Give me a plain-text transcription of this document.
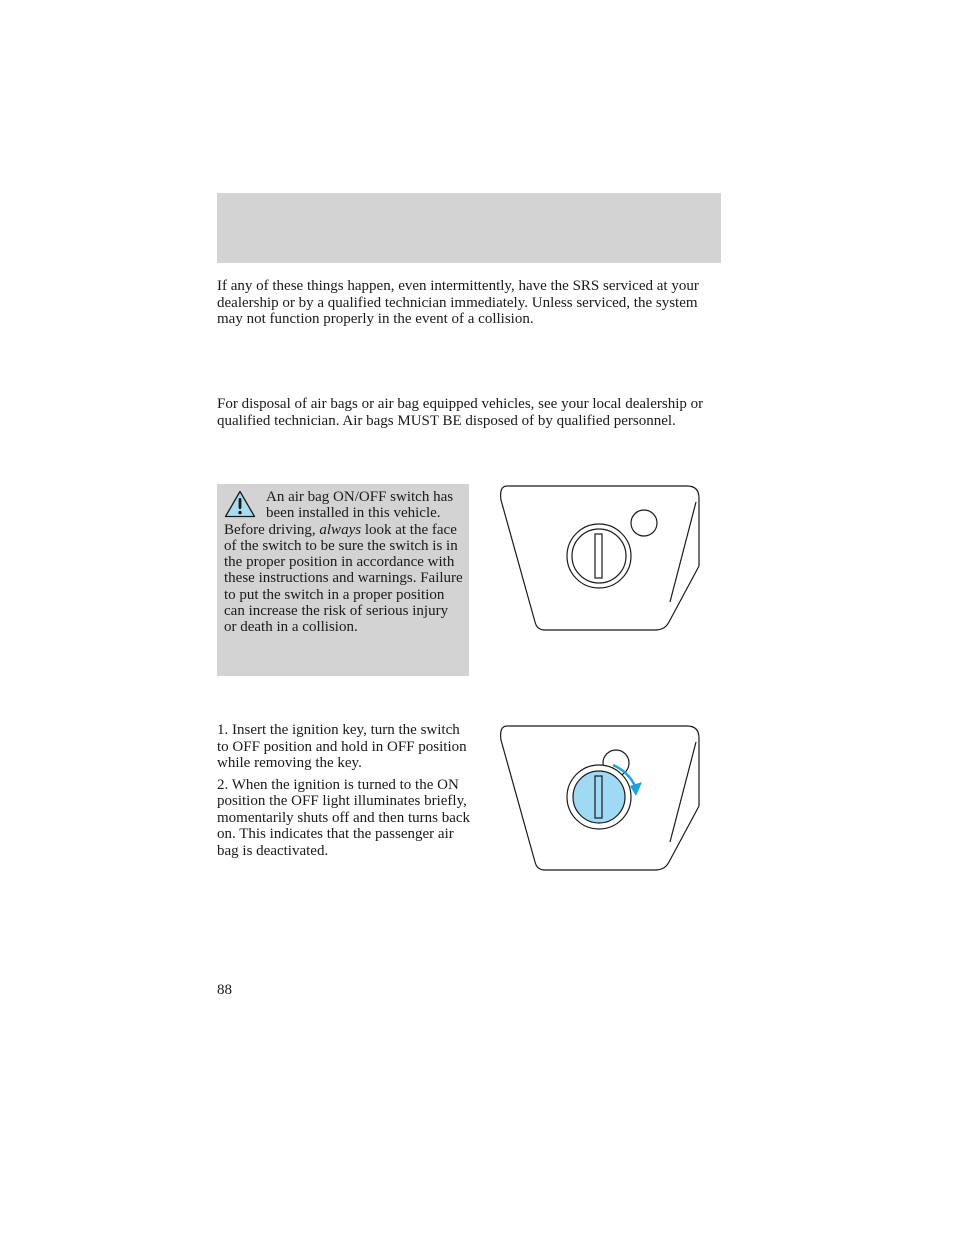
If any of these things happen, even intermittently, have the SRS serviced at your dealership or by a qualified technician immediately. Unless serviced, the system may not function properly in the event of a collision.

For disposal of air bags or air bag equipped vehicles, see your local dealership or qualified technician. Air bags MUST BE disposed of by qualified personnel.

An air bag ON/OFF switch has been installed in this vehicle. Before driving, always look at the face of the switch to be sure the switch is in the proper position in accordance with these instructions and warnings. Failure to put the switch in a proper position can increase the risk of serious injury or death in a collision.

1. Insert the ignition key, turn the switch to OFF position and hold in OFF position while removing the key.

2. When the ignition is turned to the ON position the OFF light illuminates briefly, momentarily shuts off and then turns back on. This indicates that the passenger air bag is deactivated.

88
